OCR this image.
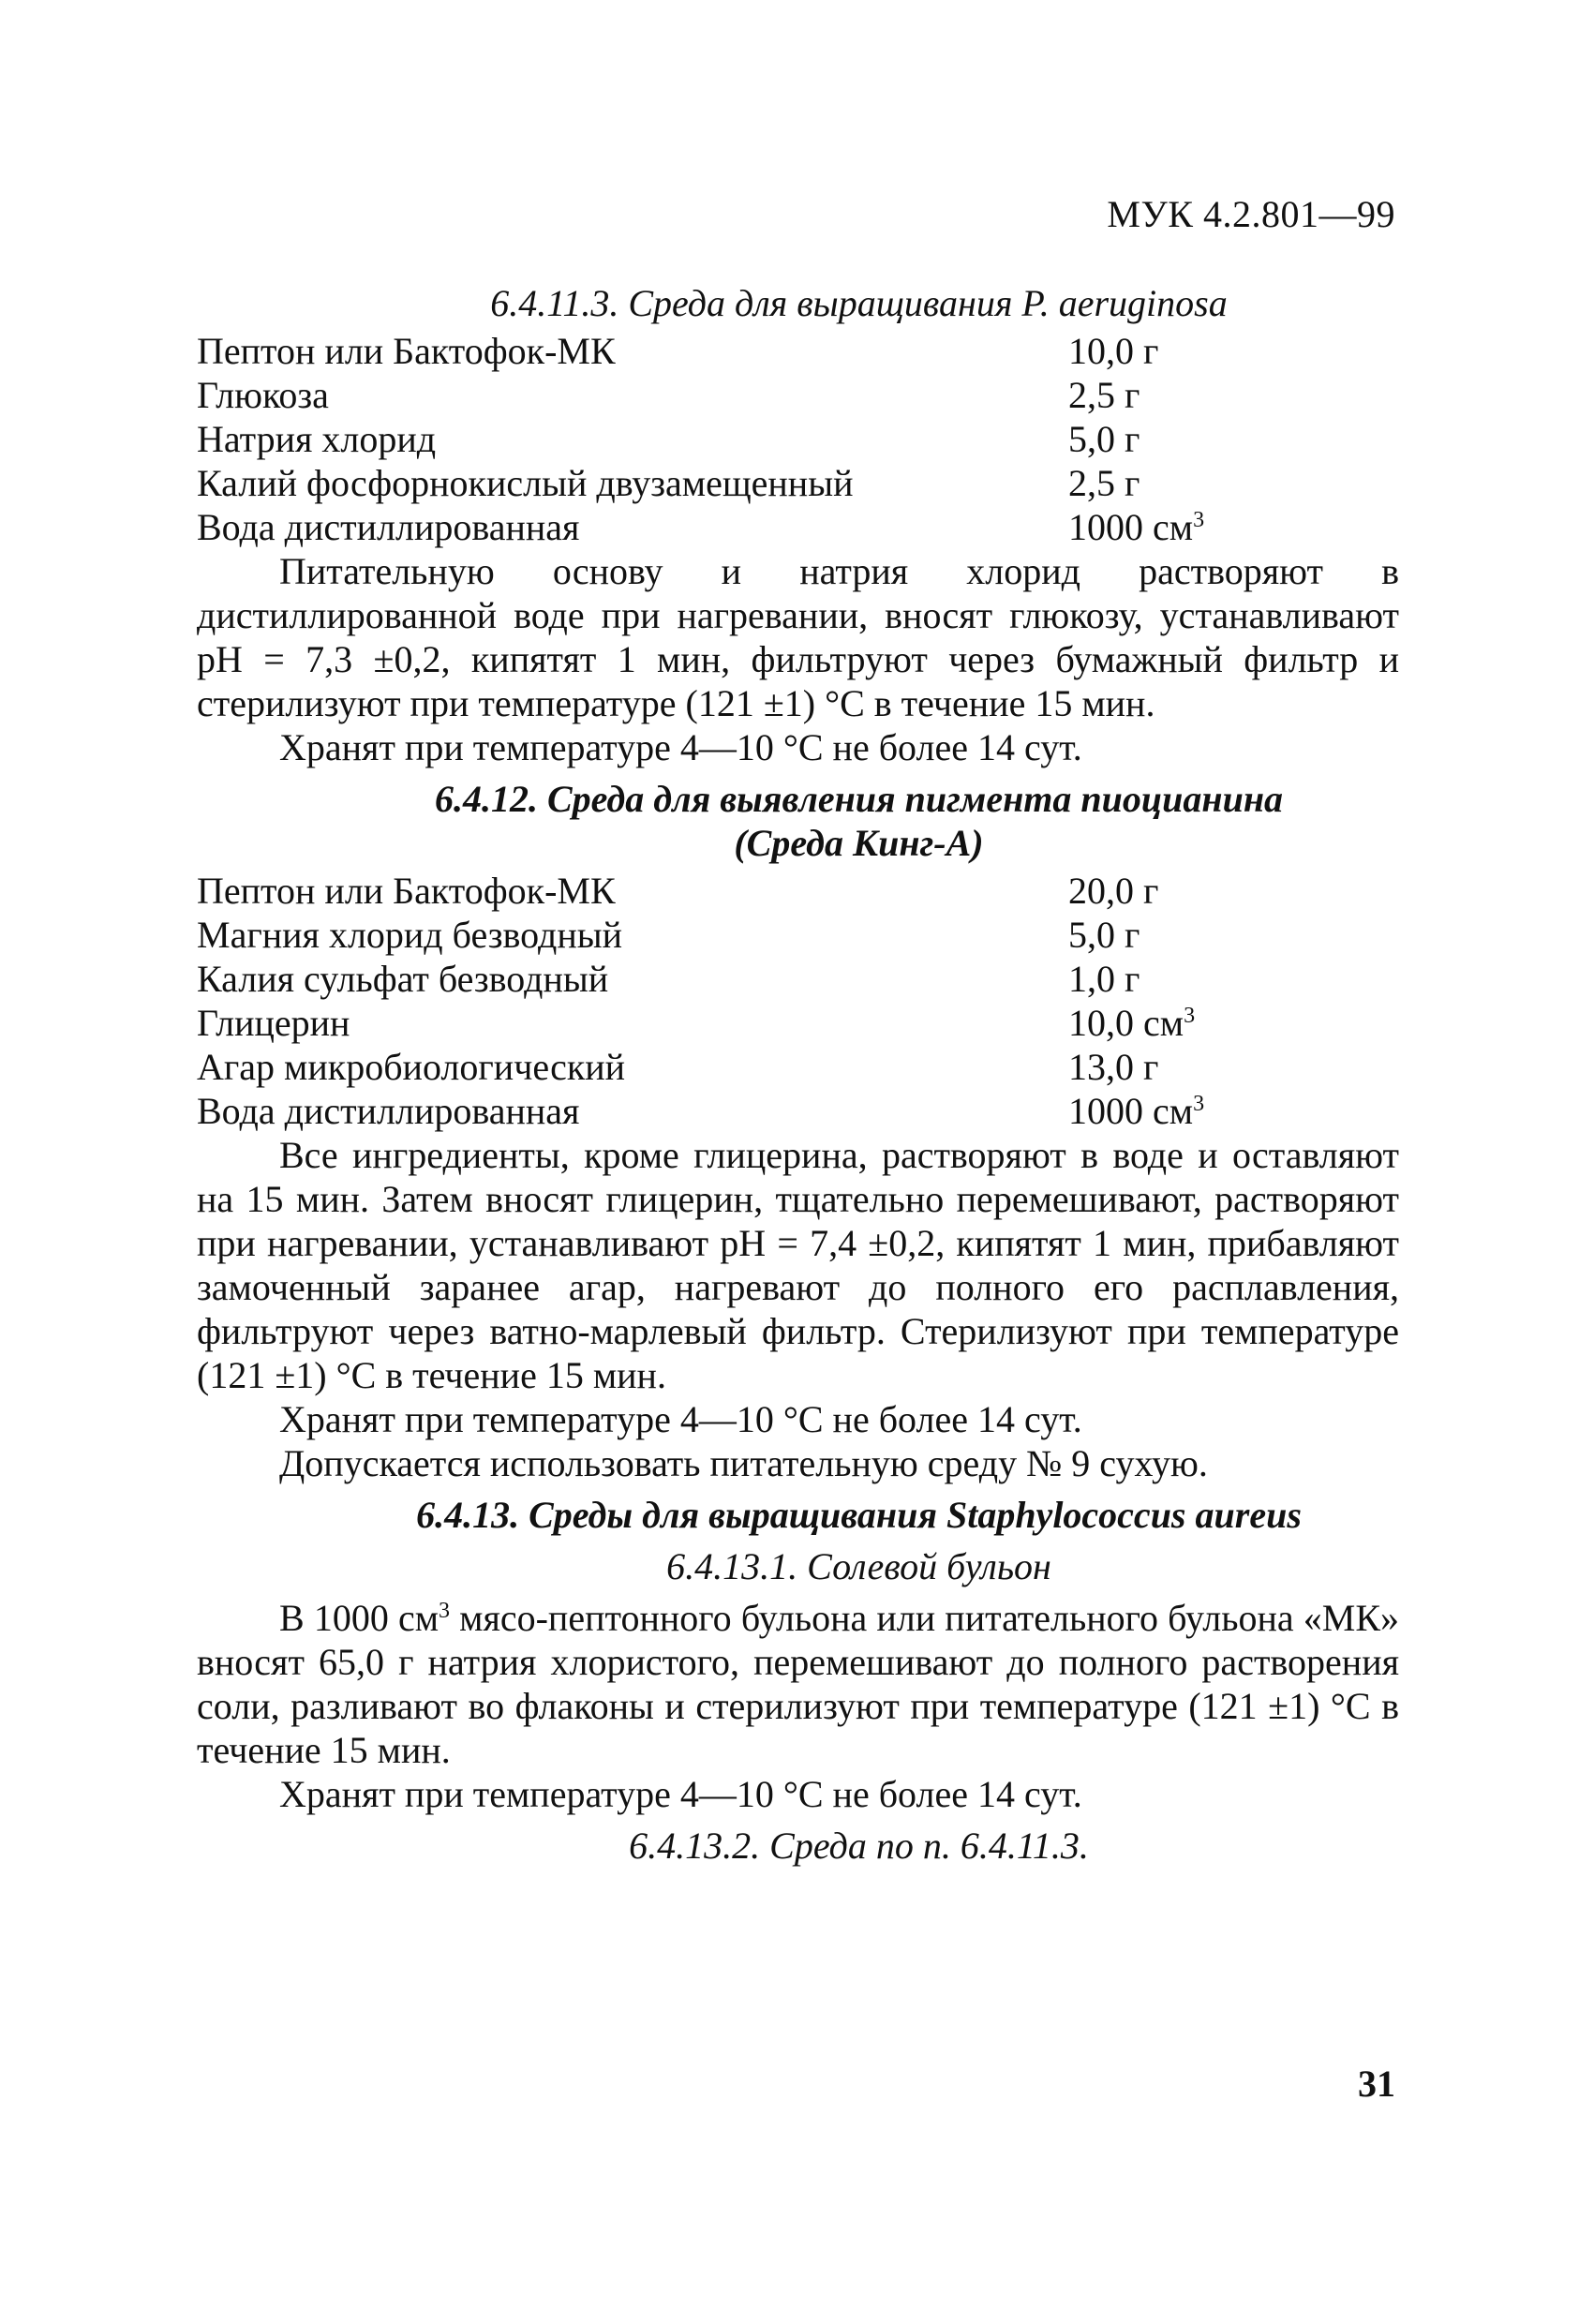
МУК 4.2.801—99

6.4.11.3. Среда для выращивания P. aeruginosa

Пептон или Бактофок-МК	10,0 г
Глюкоза	2,5 г
Натрия хлорид	5,0 г
Калий фосфорнокислый двузамещенный	2,5 г
Вода дистиллированная	1000 $см^3$

Питательную основу и натрия хлорид растворяют в дистиллированной воде при нагревании, вносят глюкозу, устанавливают pH = 7,3 ±0,2, кипятят 1 мин, фильтруют через бумажный фильтр и стерилизуют при температуре (121 ±1) °С в течение 15 мин.

Хранят при температуре 4—10 °С не более 14 сут.

6.4.12. Среда для выявления пигмента пиоцианина

(Среда Кинг-А)

Пептон или Бактофок-МК	20,0 г
Магния хлорид безводный	5,0 г
Калия сульфат безводный	1,0 г
Глицерин	10,0 $см^3$
Агар микробиологический	13,0 г
Вода дистиллированная	1000 $см^3$

Все ингредиенты, кроме глицерина, растворяют в воде и оставляют на 15 мин. Затем вносят глицерин, тщательно перемешивают, растворяют при нагревании, устанавливают pH = 7,4 ±0,2, кипятят 1 мин, прибавляют замоченный заранее агар, нагревают до полного его расплавления, фильтруют через ватно-марлевый фильтр. Стерилизуют при температуре (121 ±1) °С в течение 15 мин.

Хранят при температуре 4—10 °С не более 14 сут.

Допускается использовать питательную среду № 9 сухую.

6.4.13. Среды для выращивания Staphylococcus aureus

6.4.13.1. Солевой бульон

В 1000 $см^3$ мясо-пептонного бульона или питательного бульона «МК» вносят 65,0 г натрия хлористого, перемешивают до полного растворения соли, разливают во флаконы и стерилизуют при температуре (121 ±1) °С в течение 15 мин.

Хранят при температуре 4—10 °С не более 14 сут.

6.4.13.2. Среда по п. 6.4.11.3.

31
